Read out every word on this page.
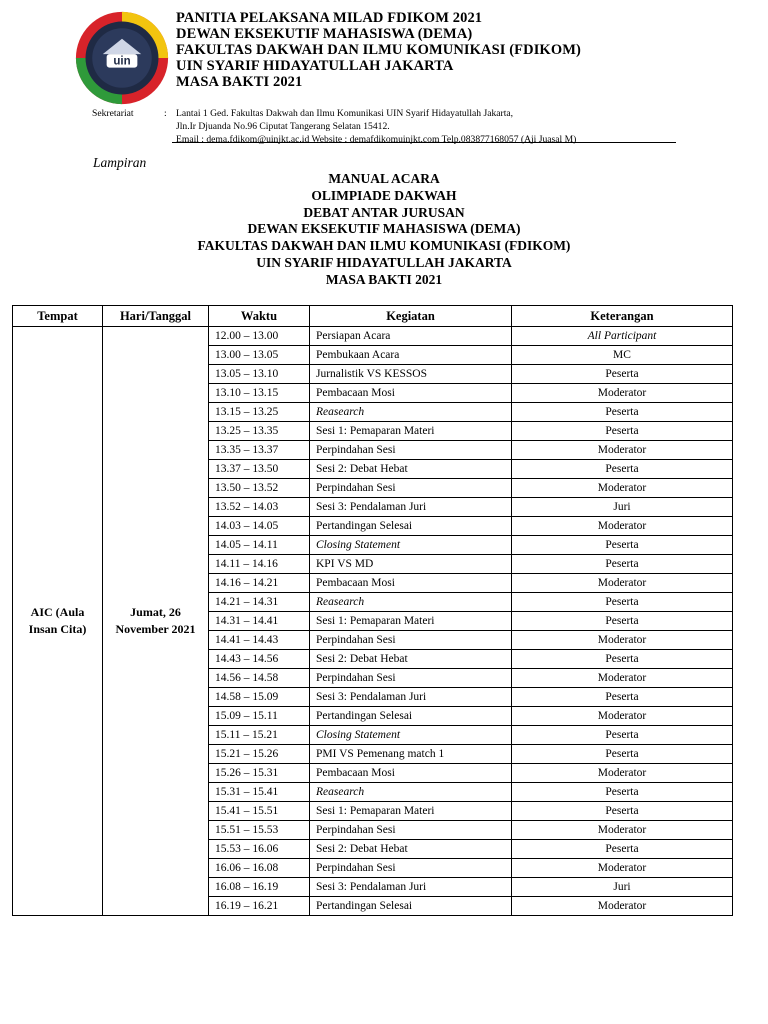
uin
PANITIA PELAKSANA MILAD FDIKOM 2021
DEWAN EKSEKUTIF MAHASISWA (DEMA)
FAKULTAS DAKWAH DAN ILMU KOMUNIKASI (FDIKOM)
UIN SYARIF HIDAYATULLAH JAKARTA
MASA BAKTI 2021
Sekretariat	: Lantai 1 Ged. Fakultas Dakwah dan Ilmu Komunikasi UIN Syarif Hidayatullah Jakarta,
Jln.Ir Djuanda No.96 Ciputat Tangerang Selatan 15412.
Email : dema.fdikom@uinjkt.ac.id Website : demafdikomuinjkt.com Telp.083877168057 (Aji Juasal M)
Lampiran
MANUAL ACARA
OLIMPIADE DAKWAH
DEBAT ANTAR JURUSAN
DEWAN EKSEKUTIF MAHASISWA (DEMA)
FAKULTAS DAKWAH DAN ILMU KOMUNIKASI (FDIKOM)
UIN SYARIF HIDAYATULLAH JAKARTA
MASA BAKTI 2021
Tempat	Hari/Tanggal	Waktu	Kegiatan	Keterangan
AIC (Aula Insan Cita)	Jumat, 26 November 2021	12.00 – 13.00	Persiapan Acara	All Participant
		13.00 – 13.05	Pembukaan Acara	MC
		13.05 – 13.10	Jurnalistik VS KESSOS	Peserta
		13.10 – 13.15	Pembacaan Mosi	Moderator
		13.15 – 13.25	Reasearch	Peserta
		13.25 – 13.35	Sesi 1: Pemaparan Materi	Peserta
		13.35 – 13.37	Perpindahan Sesi	Moderator
		13.37 – 13.50	Sesi 2: Debat Hebat	Peserta
		13.50 – 13.52	Perpindahan Sesi	Moderator
		13.52 – 14.03	Sesi 3: Pendalaman Juri	Juri
		14.03 – 14.05	Pertandingan Selesai	Moderator
		14.05 – 14.11	Closing Statement	Peserta
		14.11 – 14.16	KPI VS MD	Peserta
		14.16 – 14.21	Pembacaan Mosi	Moderator
		14.21 – 14.31	Reasearch	Peserta
		14.31 – 14.41	Sesi 1: Pemaparan Materi	Peserta
		14.41 – 14.43	Perpindahan Sesi	Moderator
		14.43 – 14.56	Sesi 2: Debat Hebat	Peserta
		14.56 – 14.58	Perpindahan Sesi	Moderator
		14.58 – 15.09	Sesi 3: Pendalaman Juri	Peserta
		15.09 – 15.11	Pertandingan Selesai	Moderator
		15.11 – 15.21	Closing Statement	Peserta
		15.21 – 15.26	PMI VS Pemenang match 1	Peserta
		15.26 – 15.31	Pembacaan Mosi	Moderator
		15.31 – 15.41	Reasearch	Peserta
		15.41 – 15.51	Sesi 1: Pemaparan Materi	Peserta
		15.51 – 15.53	Perpindahan Sesi	Moderator
		15.53 – 16.06	Sesi 2: Debat Hebat	Peserta
		16.06 – 16.08	Perpindahan Sesi	Moderator
		16.08 – 16.19	Sesi 3: Pendalaman Juri	Juri
		16.19 – 16.21	Pertandingan Selesai	Moderator
